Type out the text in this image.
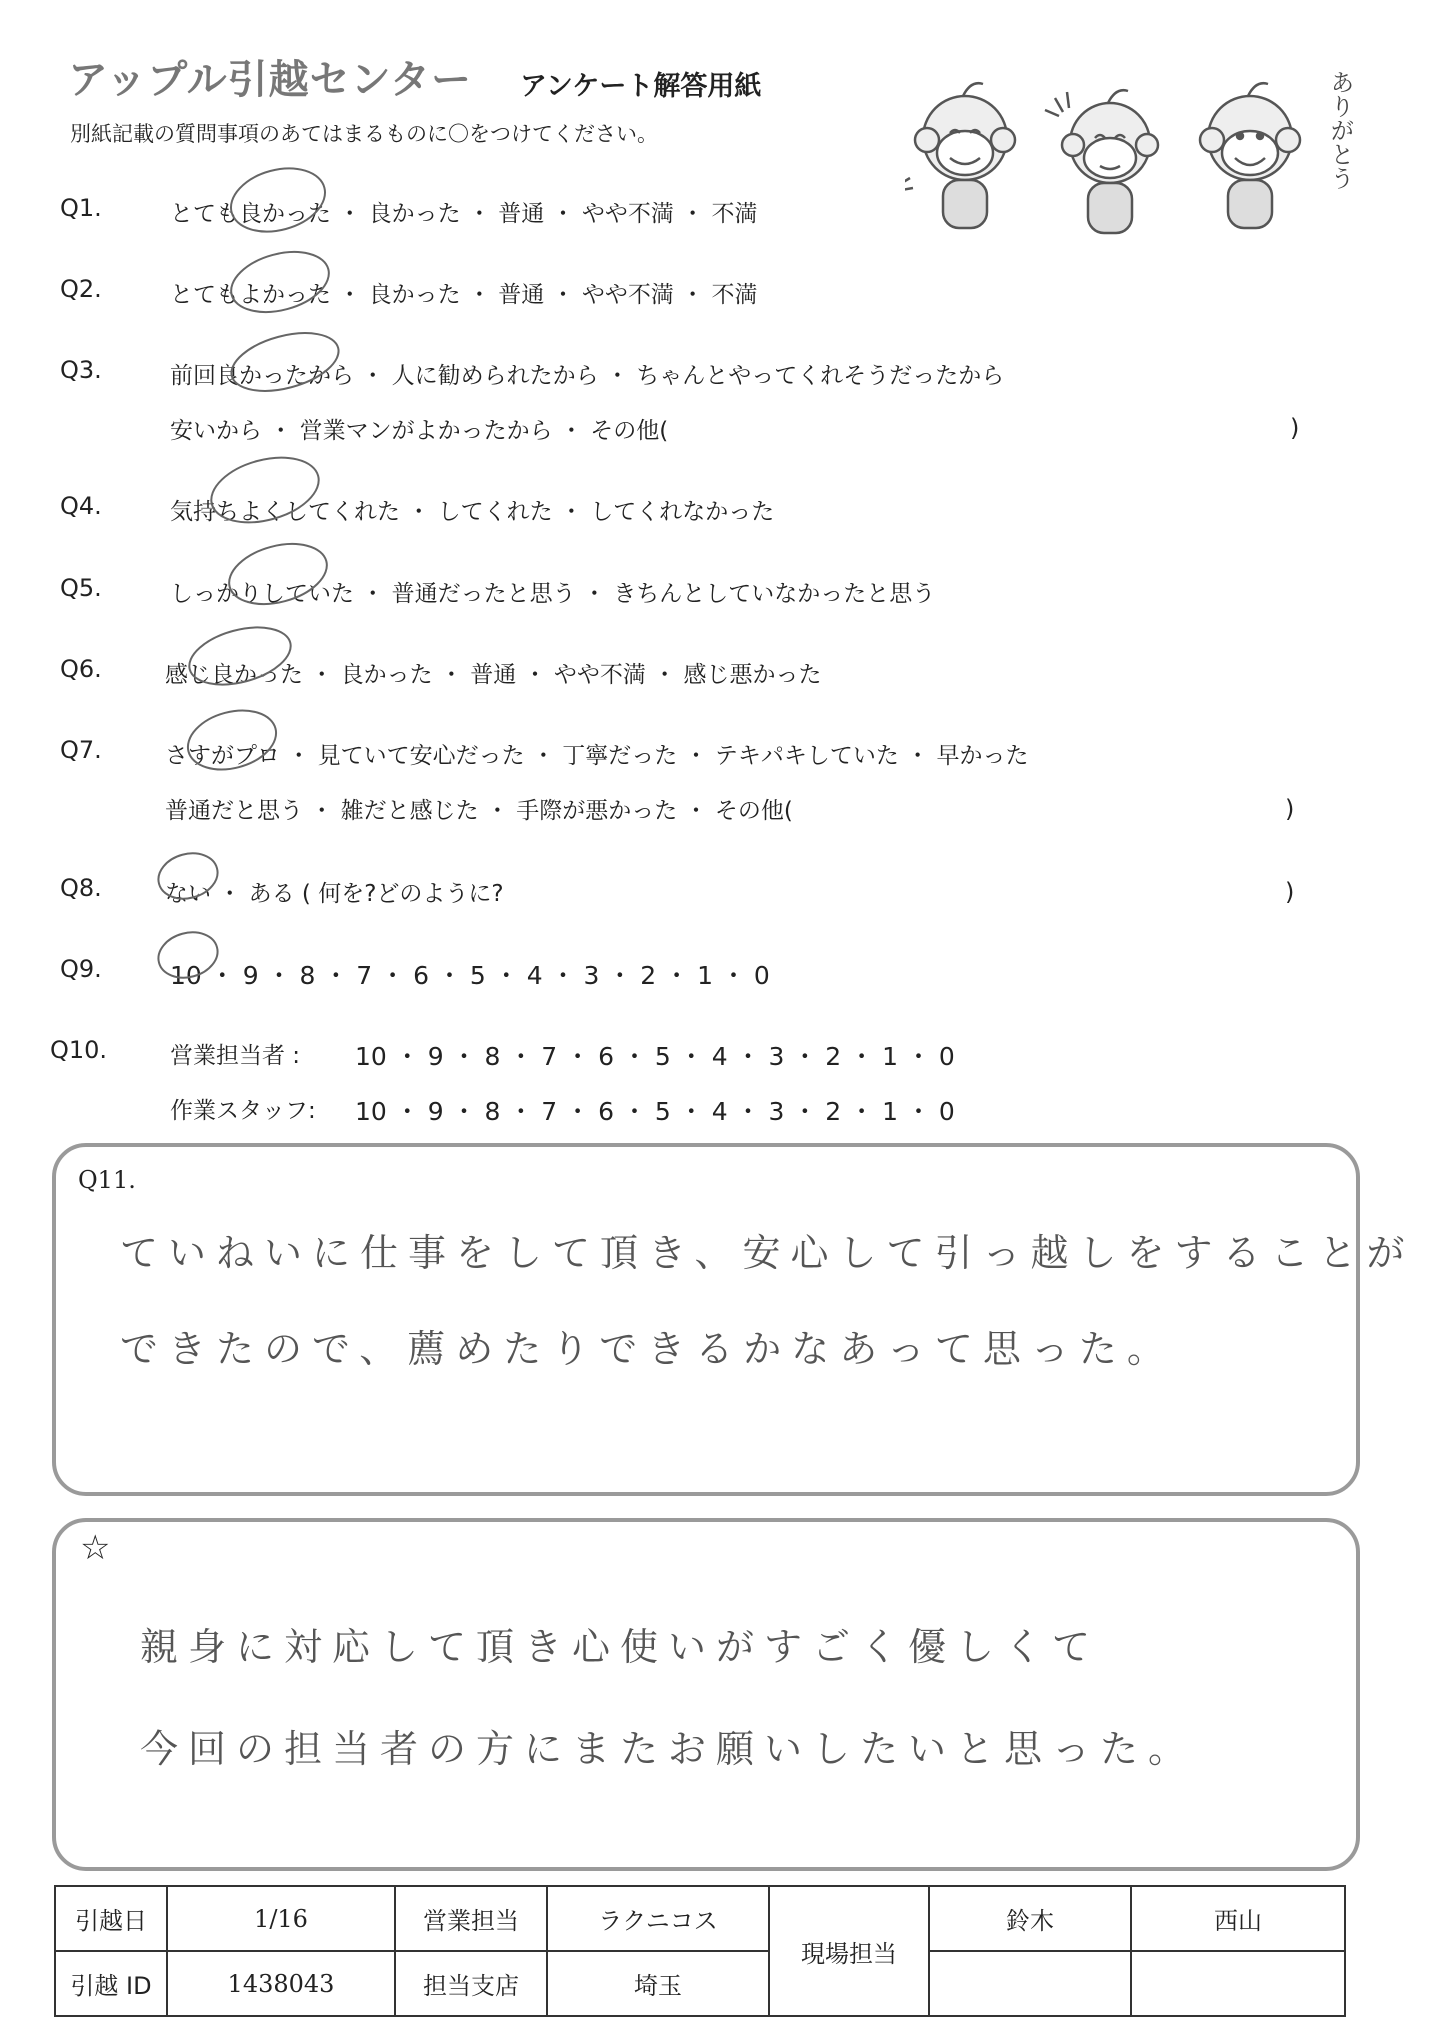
アップル引越センター アンケート解答用紙
別紙記載の質問事項のあてはまるものに〇をつけてください。	ありがとう
Q1.	とても良かった ・ 良かった ・ 普通 ・ やや不満 ・ 不満
Q2.	とてもよかった ・ 良かった ・ 普通 ・ やや不満 ・ 不満
Q3.	前回良かったから ・ 人に勧められたから ・ ちゃんとやってくれそうだったから
安いから ・ 営業マンがよかったから ・ その他(	)
Q4.	気持ちよくしてくれた ・ してくれた ・ してくれなかった
Q5.	しっかりしていた ・ 普通だったと思う ・ きちんとしていなかったと思う
Q6.	感じ良かった ・ 良かった ・ 普通 ・ やや不満 ・ 感じ悪かった
Q7.	さすがプロ ・ 見ていて安心だった ・ 丁寧だった ・ テキパキしていた ・ 早かった
普通だと思う ・ 雑だと感じた ・ 手際が悪かった ・ その他(	)
Q8.	ない ・ ある ( 何を?どのように?	)
Q9.	10 ・ 9 ・ 8 ・ 7 ・ 6 ・ 5 ・ 4 ・ 3 ・ 2 ・ 1 ・ 0
Q10.	営業担当者 : 10 ・ 9 ・ 8 ・ 7 ・ 6 ・ 5 ・ 4 ・ 3 ・ 2 ・ 1 ・ 0
作業スタッフ: 10 ・ 9 ・ 8 ・ 7 ・ 6 ・ 5 ・ 4 ・ 3 ・ 2 ・ 1 ・ 0
Q11.
ていねいに仕事をして頂き、安心して引っ越しをすることが
できたので、薦めたりできるかなあって思った。
☆
親身に対応して頂き心使いがすごく優しくて
今回の担当者の方にまたお願いしたいと思った。
引越日	1/16	営業担当	ラクニコス	現場担当	鈴木	西山
引越 ID	1438043	担当支店	埼玉			
